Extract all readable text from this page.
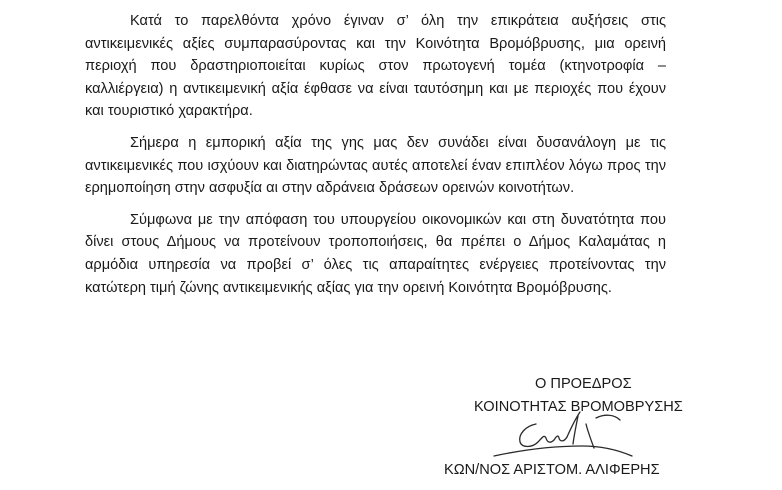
Κατά το παρελθόντα χρόνο έγιναν σ’ όλη την επικράτεια αυξήσεις στις αντικειμενικές αξίες συμπαρασύροντας και την Κοινότητα Βρομόβρυσης, μια ορεινή περιοχή που δραστηριοποιείται κυρίως στον πρωτογενή τομέα (κτηνοτροφία – καλλιέργεια) η αντικειμενική αξία έφθασε να είναι ταυτόσημη και με περιοχές που έχουν και τουριστικό χαρακτήρα.

Σήμερα η εμπορική αξία της γης μας δεν συνάδει είναι δυσανάλογη με τις αντικειμενικές που ισχύουν και διατηρώντας αυτές αποτελεί έναν επιπλέον λόγω προς την ερημοποίηση στην ασφυξία αι στην αδράνεια δράσεων ορεινών κοινοτήτων.

Σύμφωνα με την απόφαση του υπουργείου οικονομικών και στη δυνατότητα που δίνει στους Δήμους να προτείνουν τροποποιήσεις, θα πρέπει ο Δήμος Καλαμάτας η αρμόδια υπηρεσία να προβεί σ’ όλες τις απαραίτητες ενέργειες προτείνοντας την κατώτερη τιμή ζώνης αντικειμενικής αξίας για την ορεινή Κοινότητα Βρομόβρυσης.

Ο ΠΡΟΕΔΡΟΣ
ΚΟΙΝΟΤΗΤΑΣ ΒΡΟΜΟΒΡΥΣΗΣ
ΚΩΝ/ΝΟΣ ΑΡΙΣΤΟΜ. ΑΛΙΦΕΡΗΣ
